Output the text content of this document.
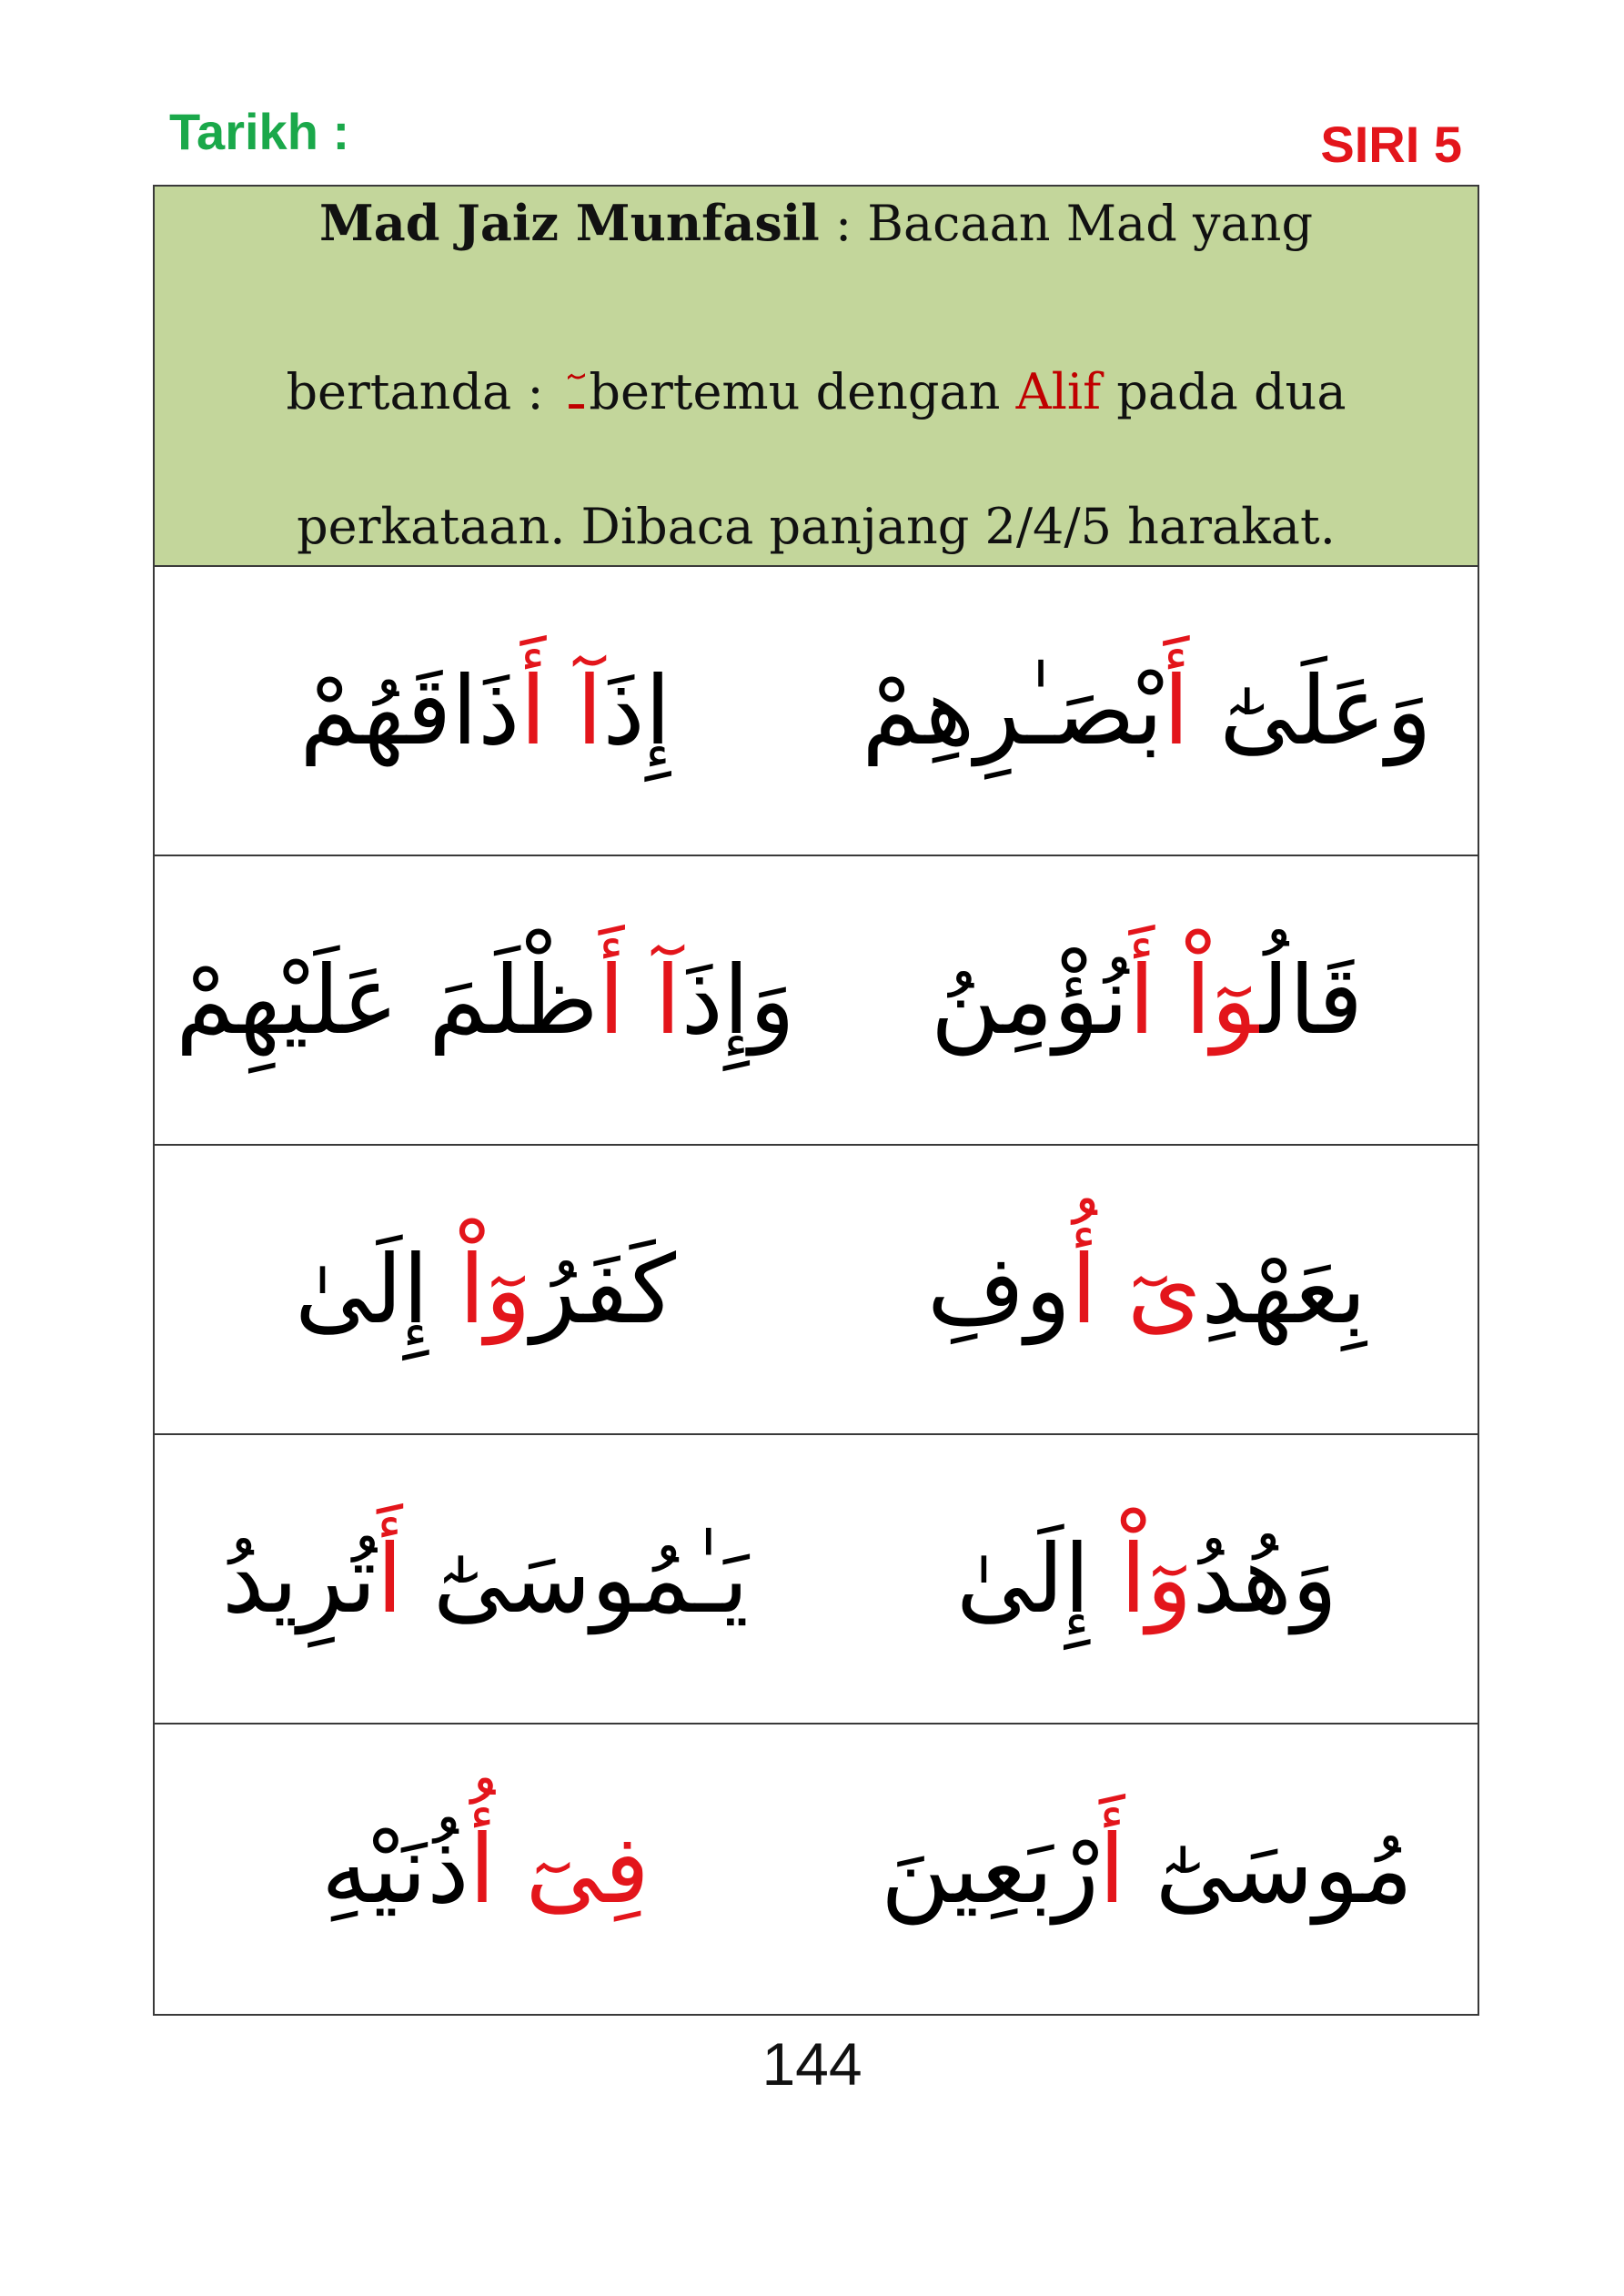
Tarikh :	SIRI 5
Mad Jaiz Munfasil : Bacaan Mad yang
bertanda : ـٓ bertemu dengan Alif pada dua
perkataan. Dibaca panjang 2/4/5 harakat.
إِذَآ أَذَاقَهُمْ	وَعَلَىٰٓ أَبْصَـٰرِهِمْ
وَإِذَآ أَظْلَمَ عَلَيْهِمْ	قَالُوٓاْ أَنُؤْمِنُ
كَفَرُوٓاْ إِلَىٰ	بِعَهْدِىٓ أُوفِ
يَـٰمُوسَىٰٓ أَتُرِيدُ	وَهُدُوٓاْ إِلَىٰ
فِىٓ أُذُنَيْهِ	مُوسَىٰٓ أَرْبَعِينَ
144
